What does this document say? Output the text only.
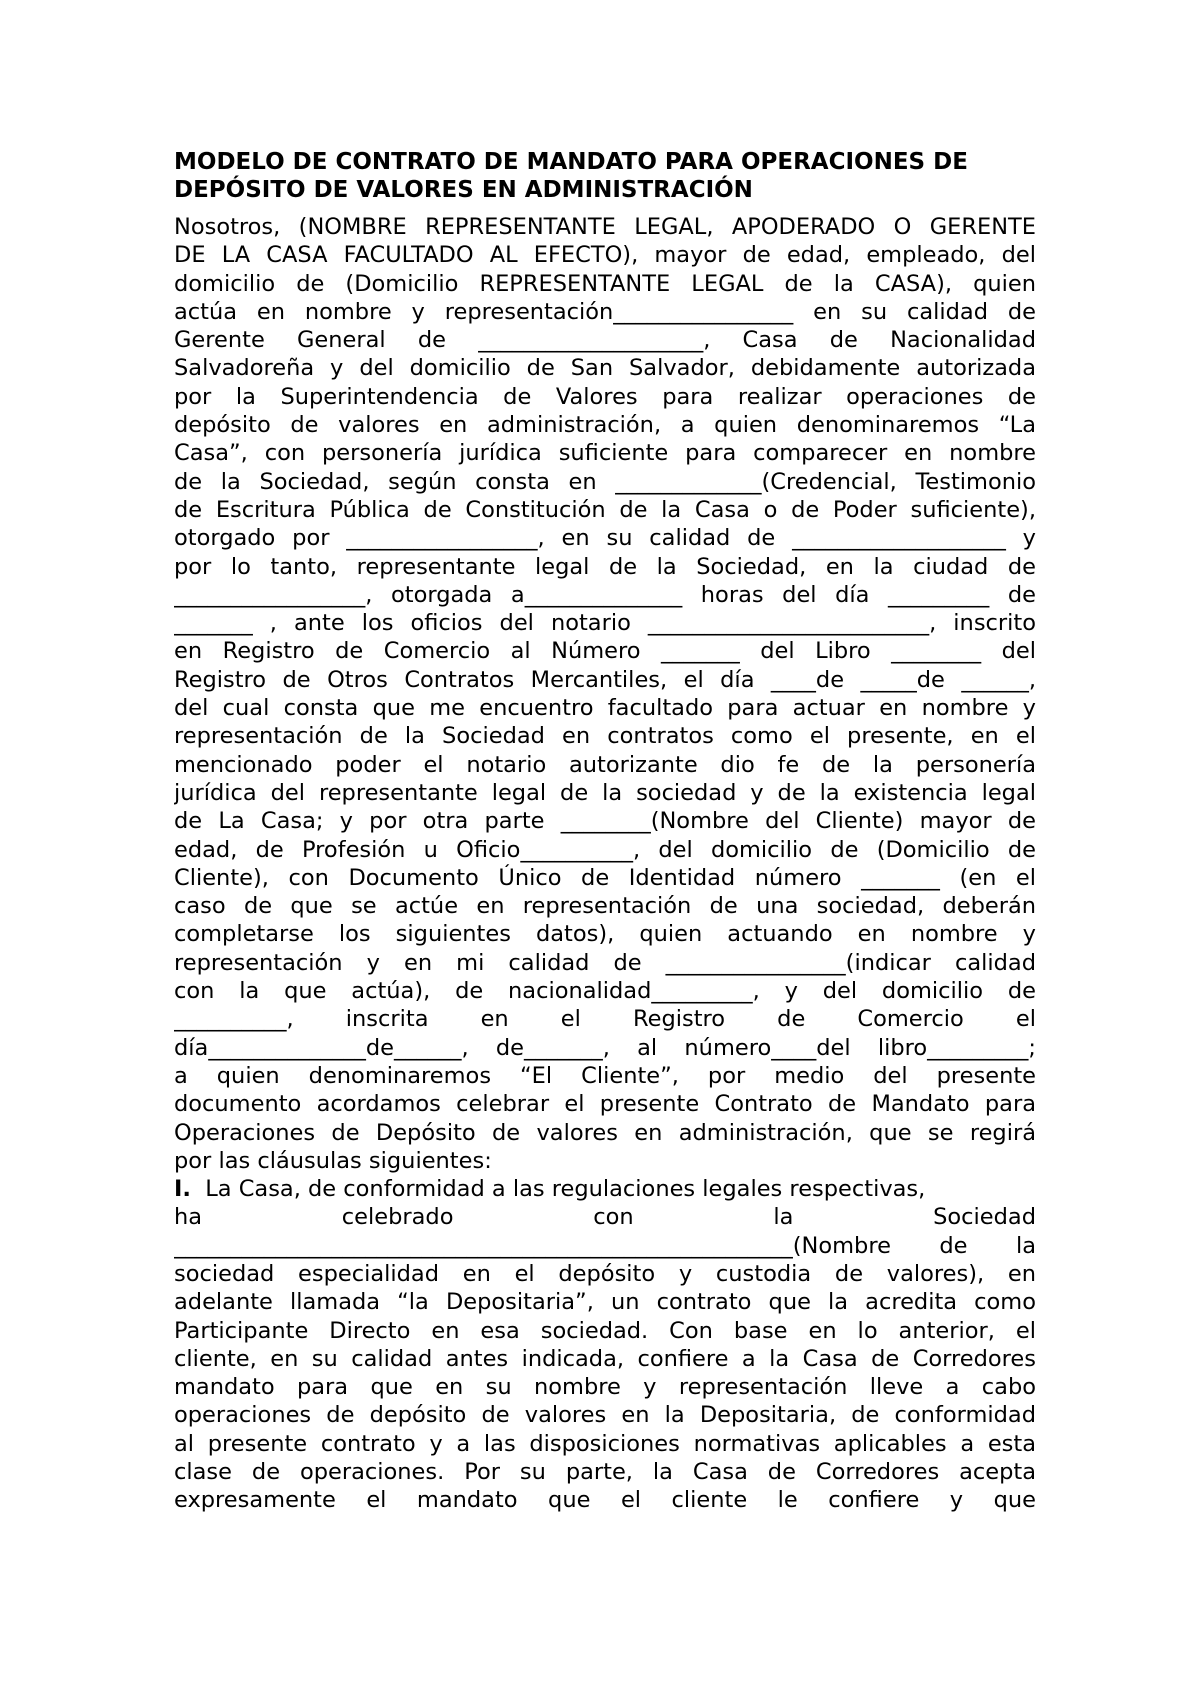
MODELO DE CONTRATO DE MANDATO PARA OPERACIONES DE
DEPÓSITO DE VALORES EN ADMINISTRACIÓN
Nosotros, (NOMBRE REPRESENTANTE LEGAL, APODERADO O GERENTE
DE LA CASA FACULTADO AL EFECTO), mayor de edad, empleado, del
domicilio de (Domicilio REPRESENTANTE LEGAL de la CASA), quien
actúa en nombre y representación________________ en su calidad de
Gerente General de ____________________, Casa de Nacionalidad
Salvadoreña y del domicilio de San Salvador, debidamente autorizada
por la Superintendencia de Valores para realizar operaciones de
depósito de valores en administración, a quien denominaremos “La
Casa”, con personería jurídica suficiente para comparecer en nombre
de la Sociedad, según consta en _____________(Credencial, Testimonio
de Escritura Pública de Constitución de la Casa o de Poder suficiente),
otorgado por _________________, en su calidad de ___________________ y
por lo tanto, representante legal de la Sociedad, en la ciudad de
_________________, otorgada a______________ horas del día _________ de
_______ , ante los oficios del notario _________________________, inscrito
en Registro de Comercio al Número _______ del Libro ________ del
Registro de Otros Contratos Mercantiles, el día ____de _____de ______,
del cual consta que me encuentro facultado para actuar en nombre y
representación de la Sociedad en contratos como el presente, en el
mencionado poder el notario autorizante dio fe de la personería
jurídica del representante legal de la sociedad y de la existencia legal
de La Casa; y por otra parte ________(Nombre del Cliente) mayor de
edad, de Profesión u Oficio__________, del domicilio de (Domicilio de
Cliente), con Documento Único de Identidad número _______ (en el
caso de que se actúe en representación de una sociedad, deberán
completarse los siguientes datos), quien actuando en nombre y
representación y en mi calidad de ________________(indicar calidad
con la que actúa), de nacionalidad_________, y del domicilio de
__________, inscrita en el Registro de Comercio el
día______________de______, de_______, al número____del libro_________;
a quien denominaremos “El Cliente”, por medio del presente
documento acordamos celebrar el presente Contrato de Mandato para
Operaciones de Depósito de valores en administración, que se regirá
por las cláusulas siguientes:
I.  La Casa, de conformidad a las regulaciones legales respectivas,
ha celebrado con la Sociedad
_______________________________________________________(Nombre de la
sociedad especialidad en el depósito y custodia de valores), en
adelante llamada “la Depositaria”, un contrato que la acredita como
Participante Directo en esa sociedad. Con base en lo anterior, el
cliente, en su calidad antes indicada, confiere a la Casa de Corredores
mandato para que en su nombre y representación lleve a cabo
operaciones de depósito de valores en la Depositaria, de conformidad
al presente contrato y a las disposiciones normativas aplicables a esta
clase de operaciones. Por su parte, la Casa de Corredores acepta
expresamente el mandato que el cliente le confiere y que
